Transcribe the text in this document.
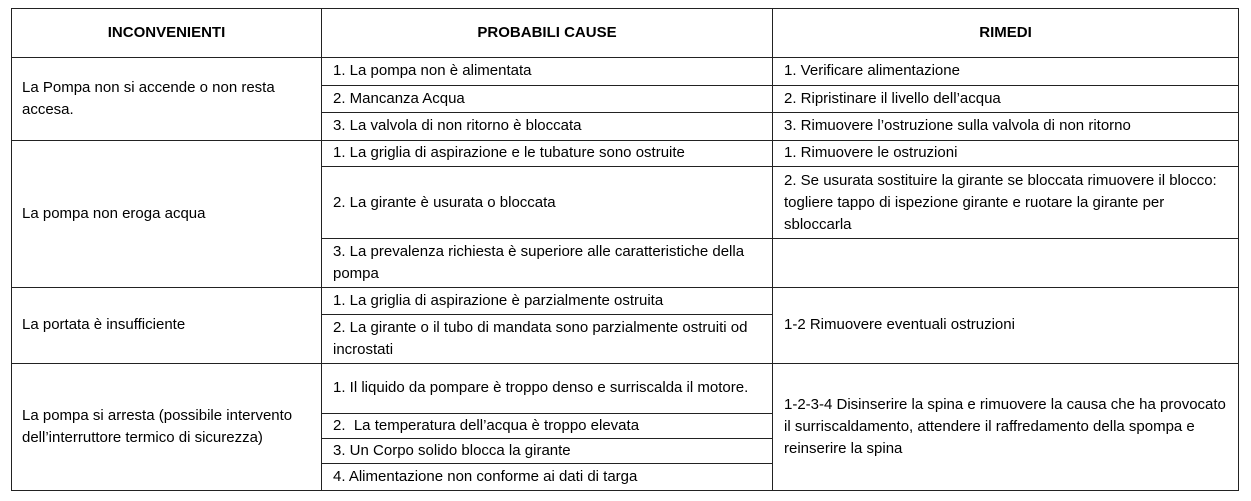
INCONVENIENTI	PROBABILI CAUSE	RIMEDI
La Pompa non si accende o non resta accesa.	1. La pompa non è alimentata	1. Verificare alimentazione
	2. Mancanza Acqua	2. Ripristinare il livello dell’acqua
	3. La valvola di non ritorno è bloccata	3. Rimuovere l’ostruzione sulla valvola di non ritorno
La pompa non eroga acqua	1. La griglia di aspirazione e le tubature sono ostruite	1. Rimuovere le ostruzioni
	2. La girante è usurata o bloccata	2. Se usurata sostituire la girante se bloccata rimuovere il blocco: togliere tappo di ispezione girante e ruotare la girante per sbloccarla
	3. La prevalenza richiesta è superiore alle caratteristiche della pompa	
La portata è insufficiente	1. La griglia di aspirazione è parzialmente ostruita	1-2 Rimuovere eventuali ostruzioni
	2. La girante o il tubo di mandata sono parzialmente ostruiti od incrostati	
La pompa si arresta (possibile intervento dell’interruttore termico di sicurezza)	1. Il liquido da pompare è troppo denso e surriscalda il motore.	1-2-3-4 Disinserire la spina e rimuovere la causa che ha provocato il surriscaldamento, attendere il raffredamento della spompa e reinserire la spina
	2.  La temperatura dell’acqua è troppo elevata	
	3. Un Corpo solido blocca la girante	
	4. Alimentazione non conforme ai dati di targa	
